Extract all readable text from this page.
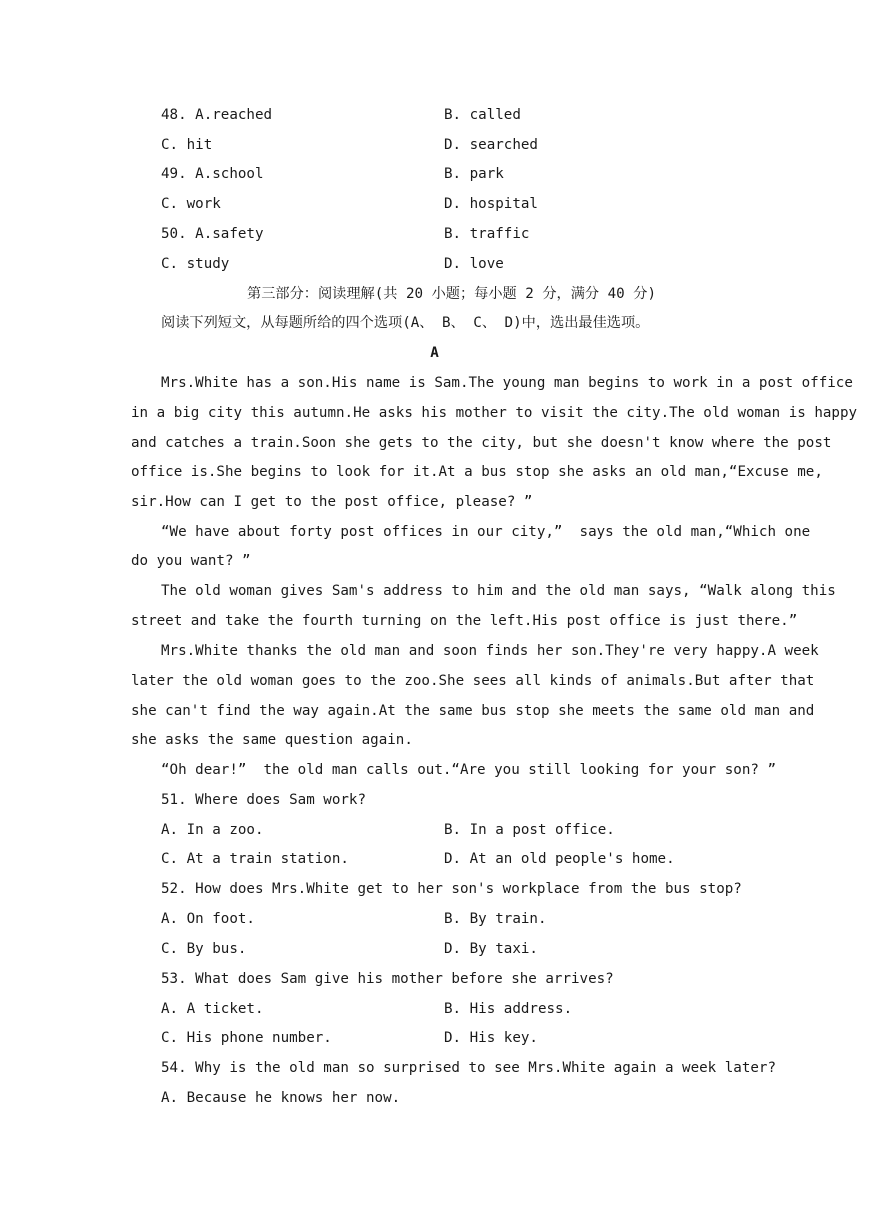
48. A.reached	B. called
C. hit	D. searched
49. A.school	B. park
C. work	D. hospital
50. A.safety	B. traffic
C. study	D. love
第三部分：阅读理解(共 20 小题；每小题 2 分，满分 40 分)
阅读下列短文，从每题所给的四个选项(A、 B、 C、 D)中，选出最佳选项。
A
Mrs.White has a son.His name is Sam.The young man begins to work in a post office
in a big city this autumn.He asks his mother to visit the city.The old woman is happy
and catches a train.Soon she gets to the city, but she doesn't know where the post
office is.She begins to look for it.At a bus stop she asks an old man,“Excuse me,
sir.How can I get to the post office, please? ”
“We have about forty post offices in our city,”  says the old man,“Which one
do you want? ”
The old woman gives Sam's address to him and the old man says, “Walk along this
street and take the fourth turning on the left.His post office is just there.”
Mrs.White thanks the old man and soon finds her son.They're very happy.A week
later the old woman goes to the zoo.She sees all kinds of animals.But after that
she can't find the way again.At the same bus stop she meets the same old man and
she asks the same question again.
“Oh dear!”  the old man calls out.“Are you still looking for your son? ”
51. Where does Sam work?
A. In a zoo.	B. In a post office.
C. At a train station.	D. At an old people's home.
52. How does Mrs.White get to her son's workplace from the bus stop?
A. On foot.	B. By train.
C. By bus.	D. By taxi.
53. What does Sam give his mother before she arrives?
A. A ticket.	B. His address.
C. His phone number.	D. His key.
54. Why is the old man so surprised to see Mrs.White again a week later?
A. Because he knows her now.
